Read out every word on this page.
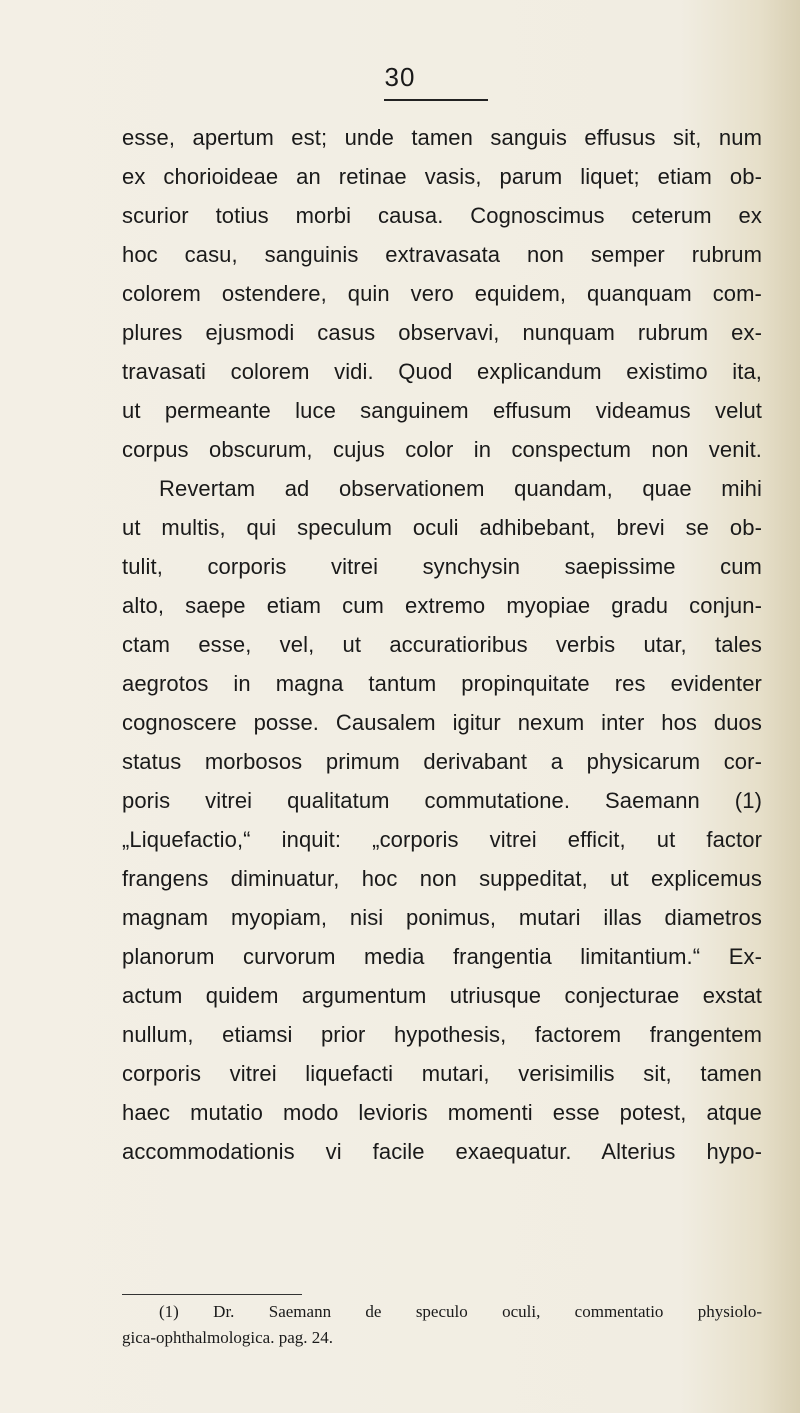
30
esse, apertum est; unde tamen sanguis effusus sit, num
ex chorioideae an retinae vasis, parum liquet; etiam ob-
scurior totius morbi causa. Cognoscimus ceterum ex
hoc casu, sanguinis extravasata non semper rubrum
colorem ostendere, quin vero equidem, quanquam com-
plures ejusmodi casus observavi, nunquam rubrum ex-
travasati colorem vidi. Quod explicandum existimo ita,
ut permeante luce sanguinem effusum videamus velut
corpus obscurum, cujus color in conspectum non venit.
Revertam ad observationem quandam, quae mihi
ut multis, qui speculum oculi adhibebant, brevi se ob-
tulit, corporis vitrei synchysin saepissime cum
alto, saepe etiam cum extremo myopiae gradu conjun-
ctam esse, vel, ut accuratioribus verbis utar, tales
aegrotos in magna tantum propinquitate res evidenter
cognoscere posse. Causalem igitur nexum inter hos duos
status morbosos primum derivabant a physicarum cor-
poris vitrei qualitatum commutatione. Saemann (1)
„Liquefactio,“ inquit: „corporis vitrei efficit, ut factor
frangens diminuatur, hoc non suppeditat, ut explicemus
magnam myopiam, nisi ponimus, mutari illas diametros
planorum curvorum media frangentia limitantium.“ Ex-
actum quidem argumentum utriusque conjecturae exstat
nullum, etiamsi prior hypothesis, factorem frangentem
corporis vitrei liquefacti mutari, verisimilis sit, tamen
haec mutatio modo levioris momenti esse potest, atque
accommodationis vi facile exaequatur. Alterius hypo-
(1) Dr. Saemann de speculo oculi, commentatio physiolo-
gica-ophthalmologica. pag. 24.
